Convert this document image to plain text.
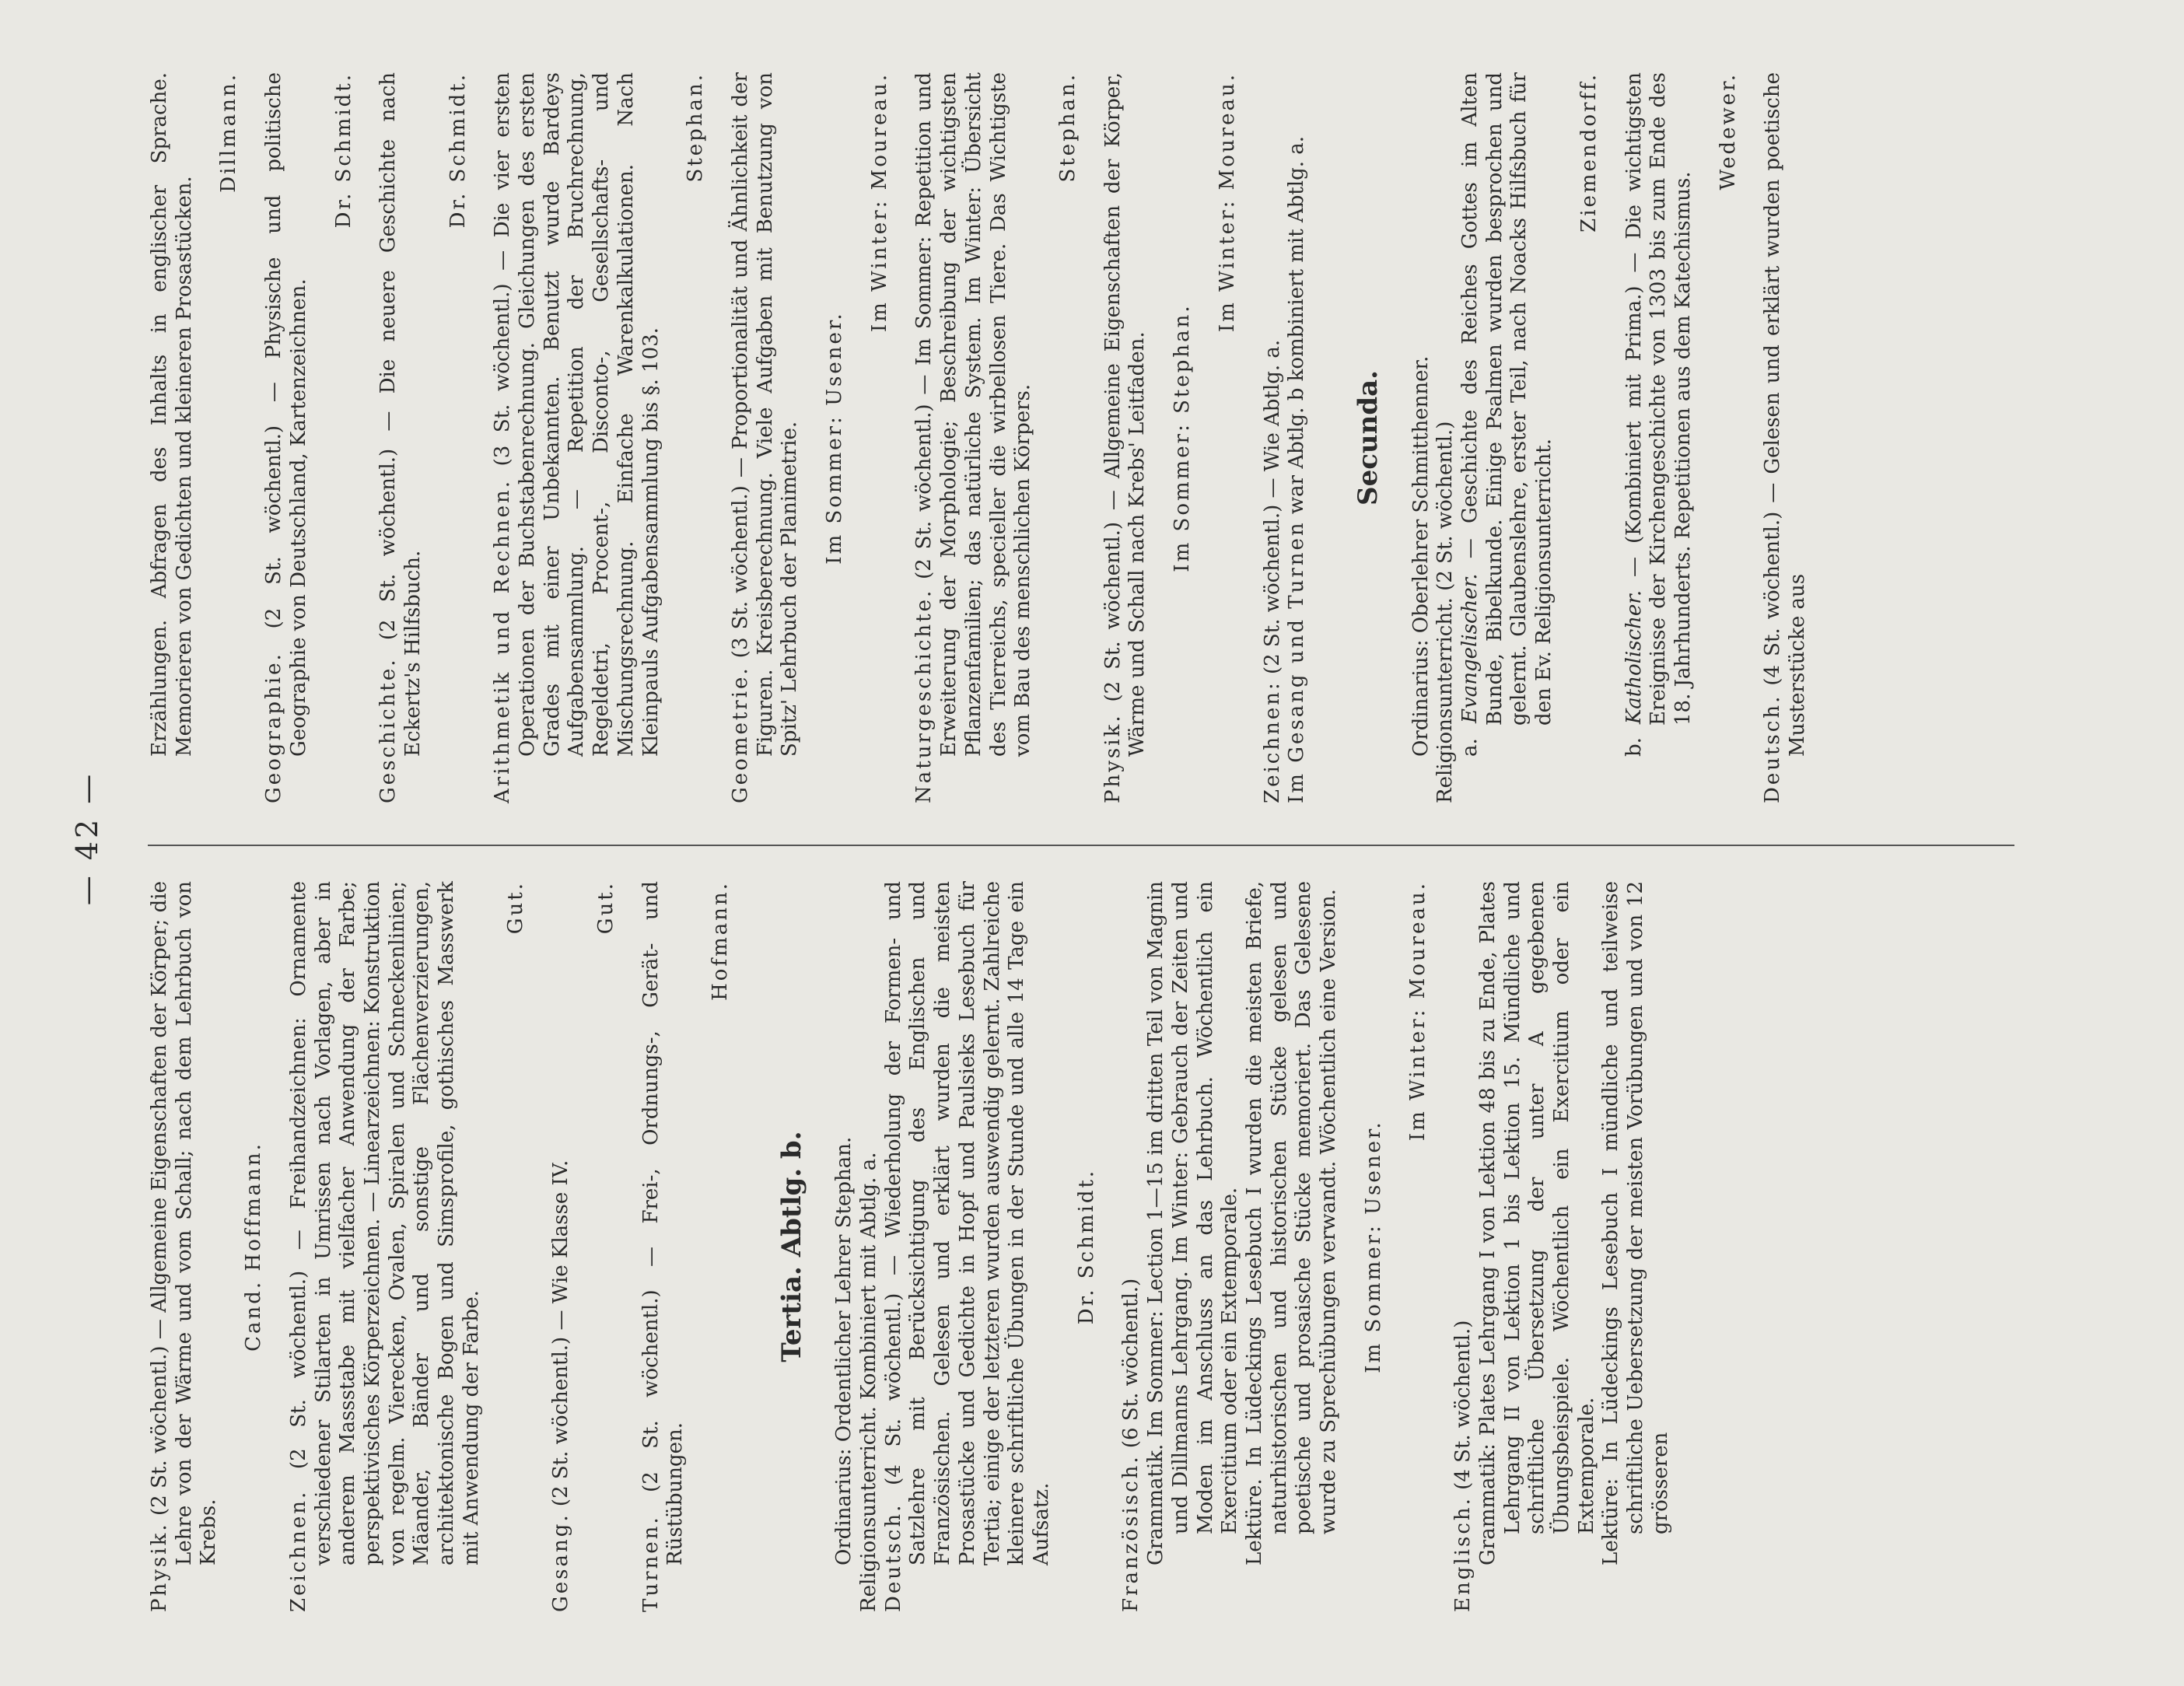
— 42 —

Physik. (2 St. wöchentl.) — Allgemeine Eigenschaften der Körper; die Lehre von der Wärme und vom Schall; nach dem Lehrbuch von Krebs.

Cand. Hoffmann.

Zeichnen. (2 St. wöchentl.) — Freihandzeichnen: Ornamente verschiedener Stilarten in Umrissen nach Vorlagen, aber in anderem Massstabe mit vielfacher Anwendung der Farbe; perspektivisches Körperzeichnen. — Linearzeichnen: Konstruktion von regelm. Vierecken, Ovalen, Spiralen und Schneckenlinien; Mäander, Bänder und sonstige Flächenverzierungen, architektonische Bogen und Simsprofile, gothisches Masswerk mit Anwendung der Farbe.

Gut.

Gesang. (2 St. wöchentl.) — Wie Klasse IV.

Gut.

Turnen. (2 St. wöchentl.) — Frei-, Ordnungs-, Gerät- und Rüstübungen.

Hofmann.

Tertia. Abtlg. b. Ordinarius: Ordentlicher Lehrer Stephan. Religionsunterricht. Kombiniert mit Abtlg. a. Deutsch. (4 St. wöchentl.) — Wiederholung der Formen- und Satzlehre mit Berücksichtigung des Englischen und Französischen. Gelesen und erklärt wurden die meisten Prosastücke und Gedichte in Hopf und Paulsieks Lesebuch für Tertia; einige der letzteren wurden auswendig gelernt. Zahlreiche kleinere schriftliche Übungen in der Stunde und alle 14 Tage ein Aufsatz.

Dr. Schmidt.

Französisch. (6 St. wöchentl.) Grammatik. Im Sommer: Lection 1—15 im dritten Teil von Magnin und Dillmanns Lehrgang. Im Winter: Gebrauch der Zeiten und Moden im Anschluss an das Lehrbuch. Wöchentlich ein Exercitium oder ein Extemporale. Lektüre. In Lüdeckings Lesebuch I wurden die meisten Briefe, naturhistorischen und historischen Stücke gelesen und poetische und prosaische Stücke memoriert. Das Gelesene wurde zu Sprechübungen verwandt. Wöchentlich eine Version. Im Sommer: Usener.

Im Winter: Moureau.

Englisch. (4 St. wöchentl.) Grammatik: Plates Lehrgang I von Lektion 48 bis zu Ende, Plates Lehrgang II von Lektion 1 bis Lektion 15. Mündliche und schriftliche Übersetzung der unter A gegebenen Übungsbeispiele. Wöchentlich ein Exercitium oder ein Extemporale. Lektüre: In Lüdeckings Lesebuch I mündliche und teilweise schriftliche Uebersetzung der meisten Vorübungen und von 12 grösseren

Erzählungen. Abfragen des Inhalts in englischer Sprache. Memorieren von Gedichten und kleineren Prosastücken.

Dillmann.

Geographie. (2 St. wöchentl.) — Physische und politische Geographie von Deutschland, Kartenzeichnen.

Dr. Schmidt.

Geschichte. (2 St. wöchentl.) — Die neuere Geschichte nach Eckertz's Hilfsbuch.

Dr. Schmidt.

Arithmetik und Rechnen. (3 St. wöchentl.) — Die vier ersten Operationen der Buchstabenrechnung. Gleichungen des ersten Grades mit einer Unbekannten. Benutzt wurde Bardeys Aufgabensammlung. — Repetition der Bruchrechnung, Regeldetri, Procent-, Disconto-, Gesellschafts- und Mischungsrechnung. Einfache Warenkalkulationen. Nach Kleinpauls Aufgabensammlung bis §. 103.

Stephan.

Geometrie. (3 St. wöchentl.) — Proportionalität und Ähnlichkeit der Figuren. Kreisberechnung. Viele Aufgaben mit Benutzung von Spitz' Lehrbuch der Planimetrie. Im Sommer: Usener.

Im Winter: Moureau.

Naturgeschichte. (2 St. wöchentl.) — Im Sommer: Repetition und Erweiterung der Morphologie; Beschreibung der wichtigsten Pflanzenfamilien; das natürliche System. Im Winter: Übersicht des Tierreichs, specieller die wirbellosen Tiere. Das Wichtigste vom Bau des menschlichen Körpers.

Stephan.

Physik. (2 St. wöchentl.) — Allgemeine Eigenschaften der Körper, Wärme und Schall nach Krebs' Leitfaden. Im Sommer: Stephan.

Im Winter: Moureau.

Zeichnen: (2 St. wöchentl.) — Wie Abtlg. a. Im Gesang und Turnen war Abtlg. b kombiniert mit Abtlg. a. Secunda. Ordinarius: Oberlehrer Schmitthenner. Religionsunterricht. (2 St. wöchentl.) a. Evangelischer. — Geschichte des Reiches Gottes im Alten Bunde, Bibelkunde. Einige Psalmen wurden besprochen und gelernt. Glaubenslehre, erster Teil, nach Noacks Hilfsbuch für den Ev. Religionsunterricht.

Ziemendorff.

b. Katholischer. — (Kombiniert mit Prima.) — Die wichtigsten Ereignisse der Kirchengeschichte von 1303 bis zum Ende des 18. Jahrhunderts. Repetitionen aus dem Katechismus.

Wedewer.

Deutsch. (4 St. wöchentl.) — Gelesen und erklärt wurden poetische Musterstücke aus
